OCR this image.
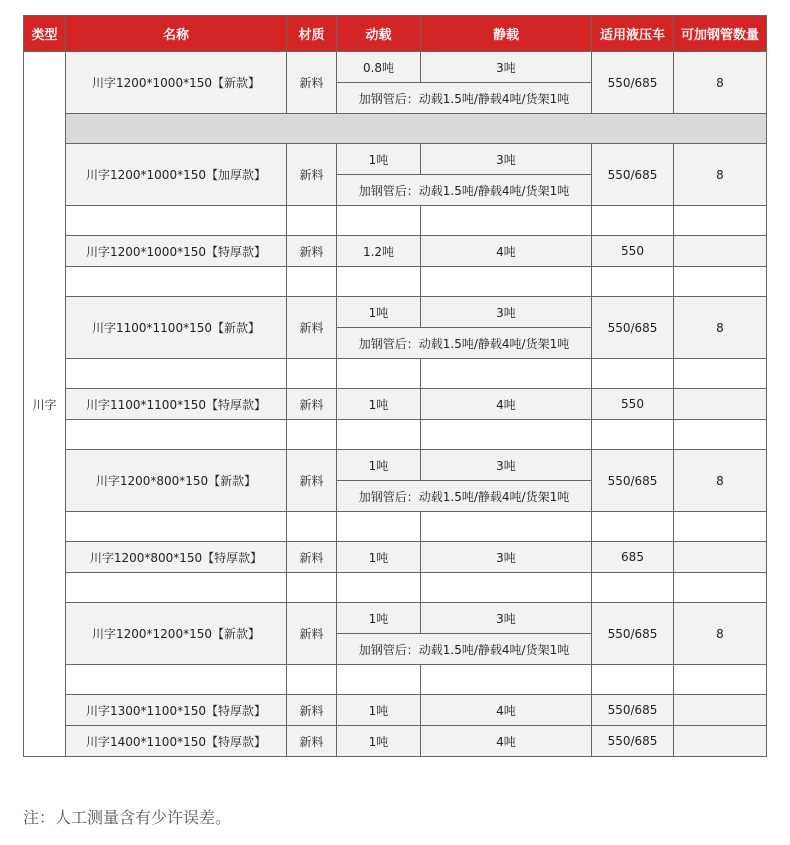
类型	名称	材质	动载	静载	适用液压车	可加钢管数量
川字	川字1200*1000*150【新款】	新料	0.8吨	3吨	550/685	8
			加钢管后：动载1.5吨/静载4吨/货架1吨			

	川字1200*1000*150【加厚款】	新料	1吨	3吨	550/685	8
			加钢管后：动载1.5吨/静载4吨/货架1吨			

	川字1200*1000*150【特厚款】	新料	1.2吨	4吨	550	

	川字1100*1100*150【新款】	新料	1吨	3吨	550/685	8
			加钢管后：动载1.5吨/静载4吨/货架1吨			

	川字1100*1100*150【特厚款】	新料	1吨	4吨	550	

	川字1200*800*150【新款】	新料	1吨	3吨	550/685	8
			加钢管后：动载1.5吨/静载4吨/货架1吨			

	川字1200*800*150【特厚款】	新料	1吨	3吨	685	

	川字1200*1200*150【新款】	新料	1吨	3吨	550/685	8
			加钢管后：动载1.5吨/静载4吨/货架1吨			

	川字1300*1100*150【特厚款】	新料	1吨	4吨	550/685	
	川字1400*1100*150【特厚款】	新料	1吨	4吨	550/685	
注：人工测量含有少许误差。
